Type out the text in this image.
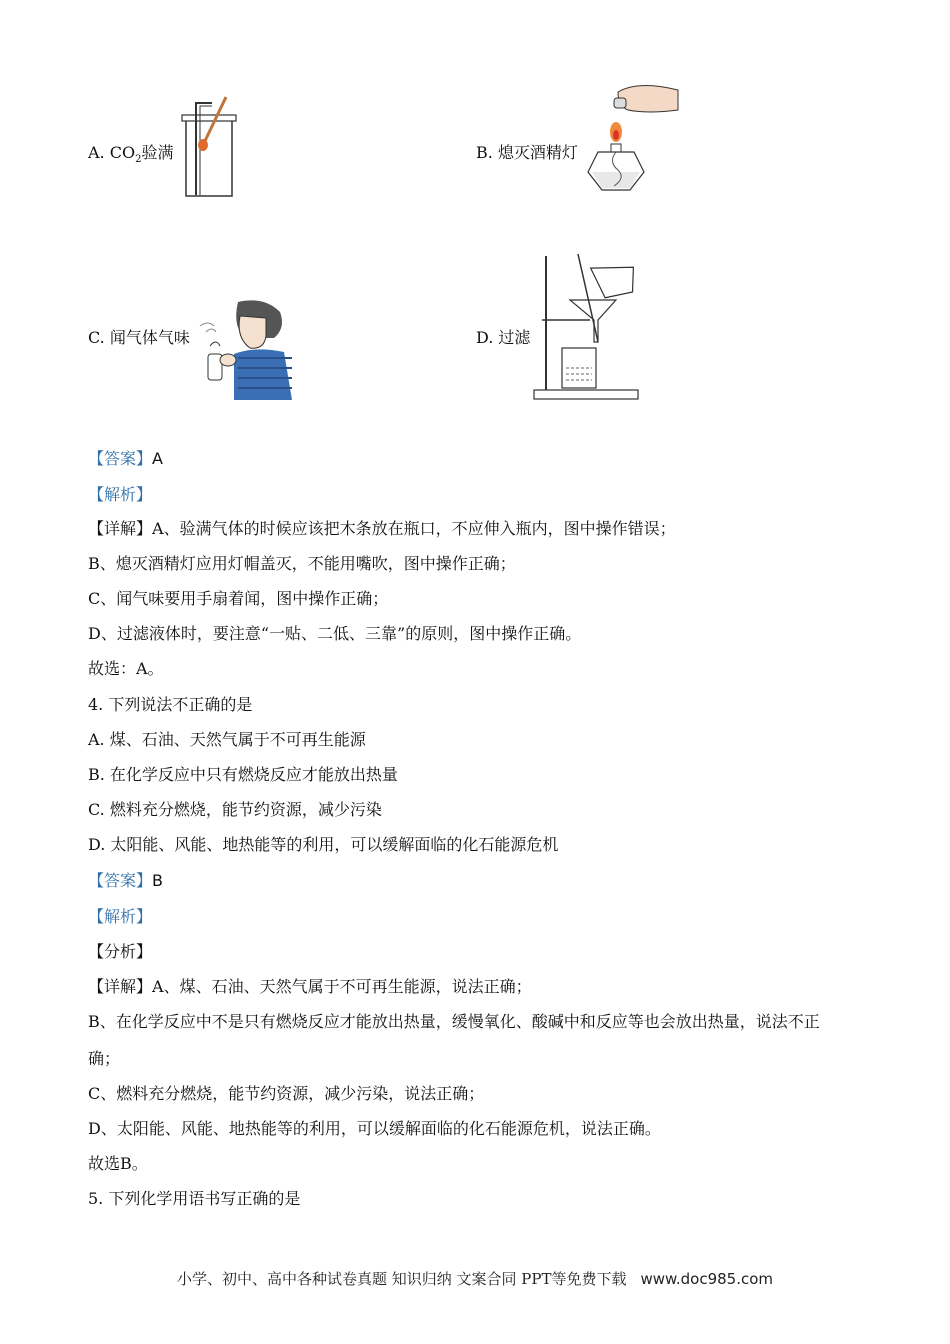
A. $CO_2$验满	B. 熄灭酒精灯
C. 闻气体气味	D. 过滤
【答案】A
【解析】
【详解】A、验满气体的时候应该把木条放在瓶口，不应伸入瓶内，图中操作错误；
B、熄灭酒精灯应用灯帽盖灭，不能用嘴吹，图中操作正确；
C、闻气味要用手扇着闻，图中操作正确；
D、过滤液体时，要注意“一贴、二低、三靠”的原则，图中操作正确。
故选：A。
4. 下列说法不正确的是
A. 煤、石油、天然气属于不可再生能源
B. 在化学反应中只有燃烧反应才能放出热量
C. 燃料充分燃烧，能节约资源，减少污染
D. 太阳能、风能、地热能等的利用，可以缓解面临的化石能源危机
【答案】B
【解析】
【分析】
【详解】A、煤、石油、天然气属于不可再生能源，说法正确；
B、在化学反应中不是只有燃烧反应才能放出热量，缓慢氧化、酸碱中和反应等也会放出热量，说法不正
确；
C、燃料充分燃烧，能节约资源，减少污染，说法正确；
D、太阳能、风能、地热能等的利用，可以缓解面临的化石能源危机，说法正确。
故选B。
5. 下列化学用语书写正确的是
小学、初中、高中各种试卷真题 知识归纳 文案合同 PPT等免费下载 www.doc985.com
